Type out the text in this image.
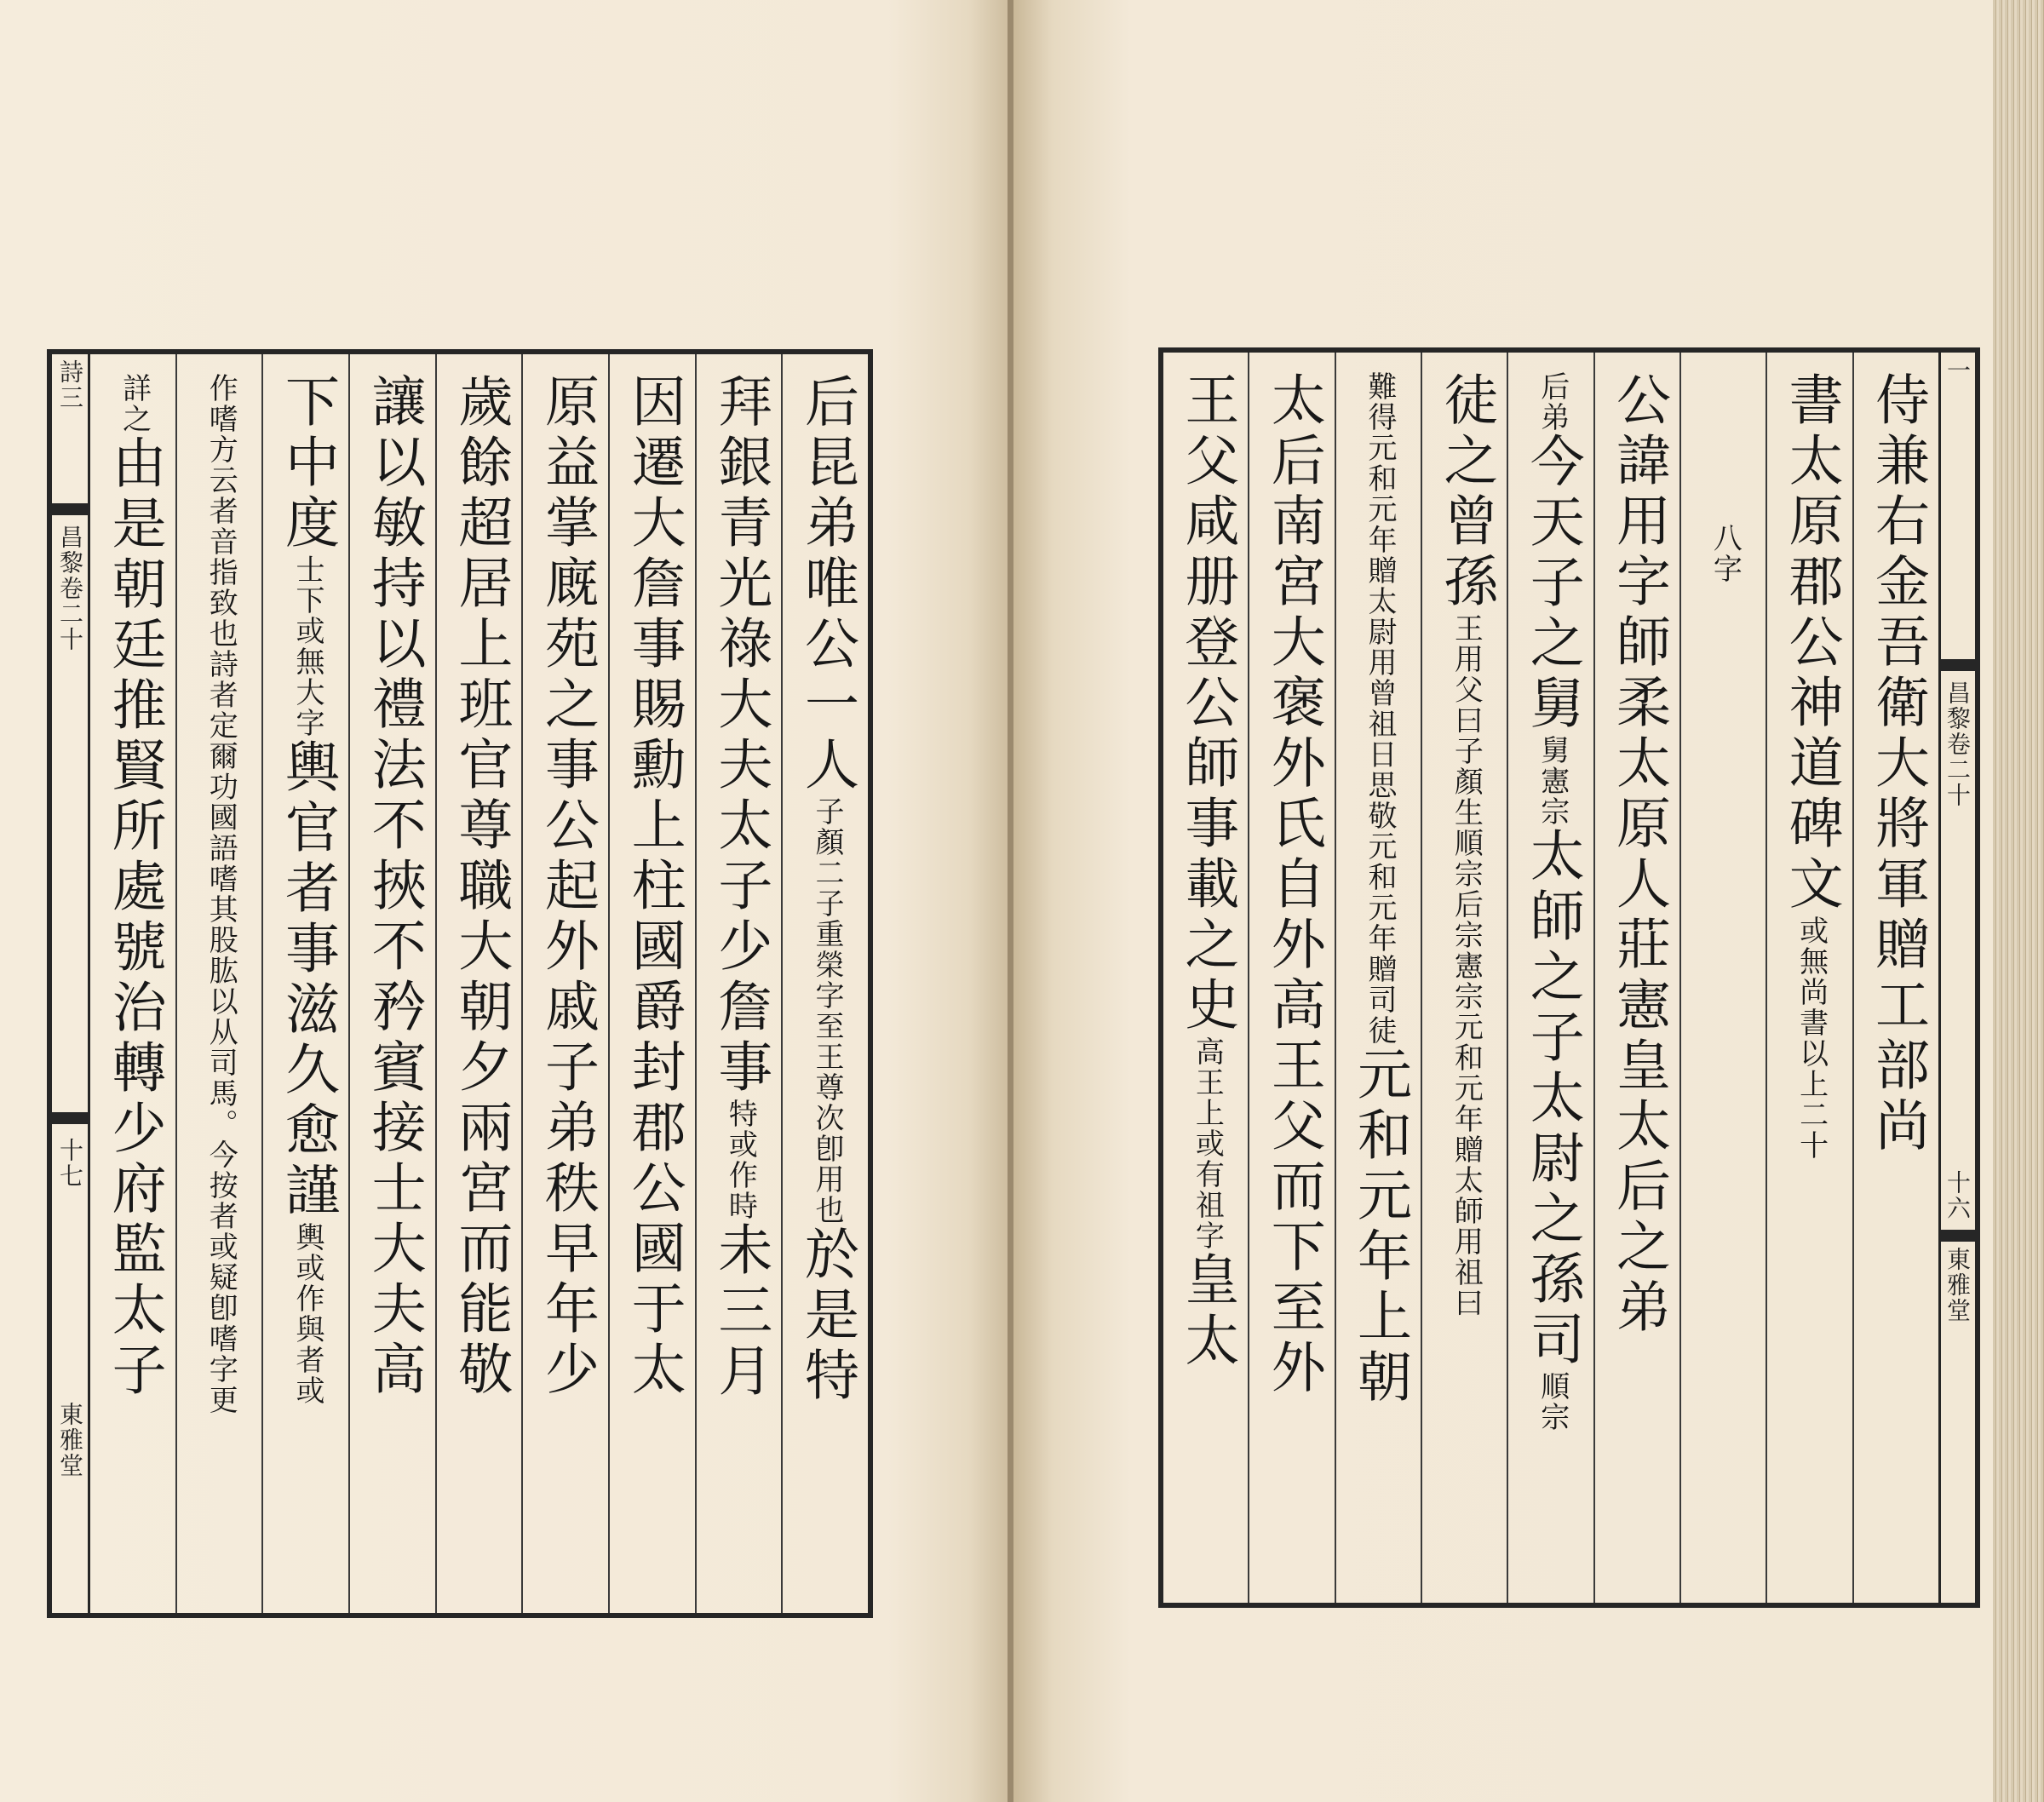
詩三
昌黎卷二十
十七
東雅堂
后昆弟唯公一人子顏二子重榮字至王尊次卽用也於是特
拜銀青光祿大夫太子少詹事特或作時未三月
因遷大詹事賜勳上柱國爵封郡公國于太
原益掌廐苑之事公起外戚子弟秩早年少
歲餘超居上班官尊職大朝夕兩宮而能敬
讓以敏持以禮法不挾不矜賓接士大夫高
下中度士下或無大字輿官者事滋久愈謹輿或作與者或
作嗜方云者音指致也詩者定爾功國語嗜其股肱以从司馬。今按者或疑卽嗜字更
詳之由是朝廷推賢所處號治轉少府監太子	侍兼右金吾衛大將軍贈工部尚
書太原郡公神道碑文或無尚書以上二十
八字
公諱用字師柔太原人莊憲皇太后之弟
后弟今天子之舅舅憲宗太師之子太尉之孫司順宗
徒之曾孫王用父曰子顏生順宗后宗憲宗元和元年贈太師用祖曰
難得元和元年贈太尉用曾祖日思敬元和元年贈司徒元和元年上朝
太后南宮大褒外氏自外高王父而下至外
王父咸册登公師事載之史高王上或有祖字皇太
一
昌黎卷二十
十六
東雅堂
